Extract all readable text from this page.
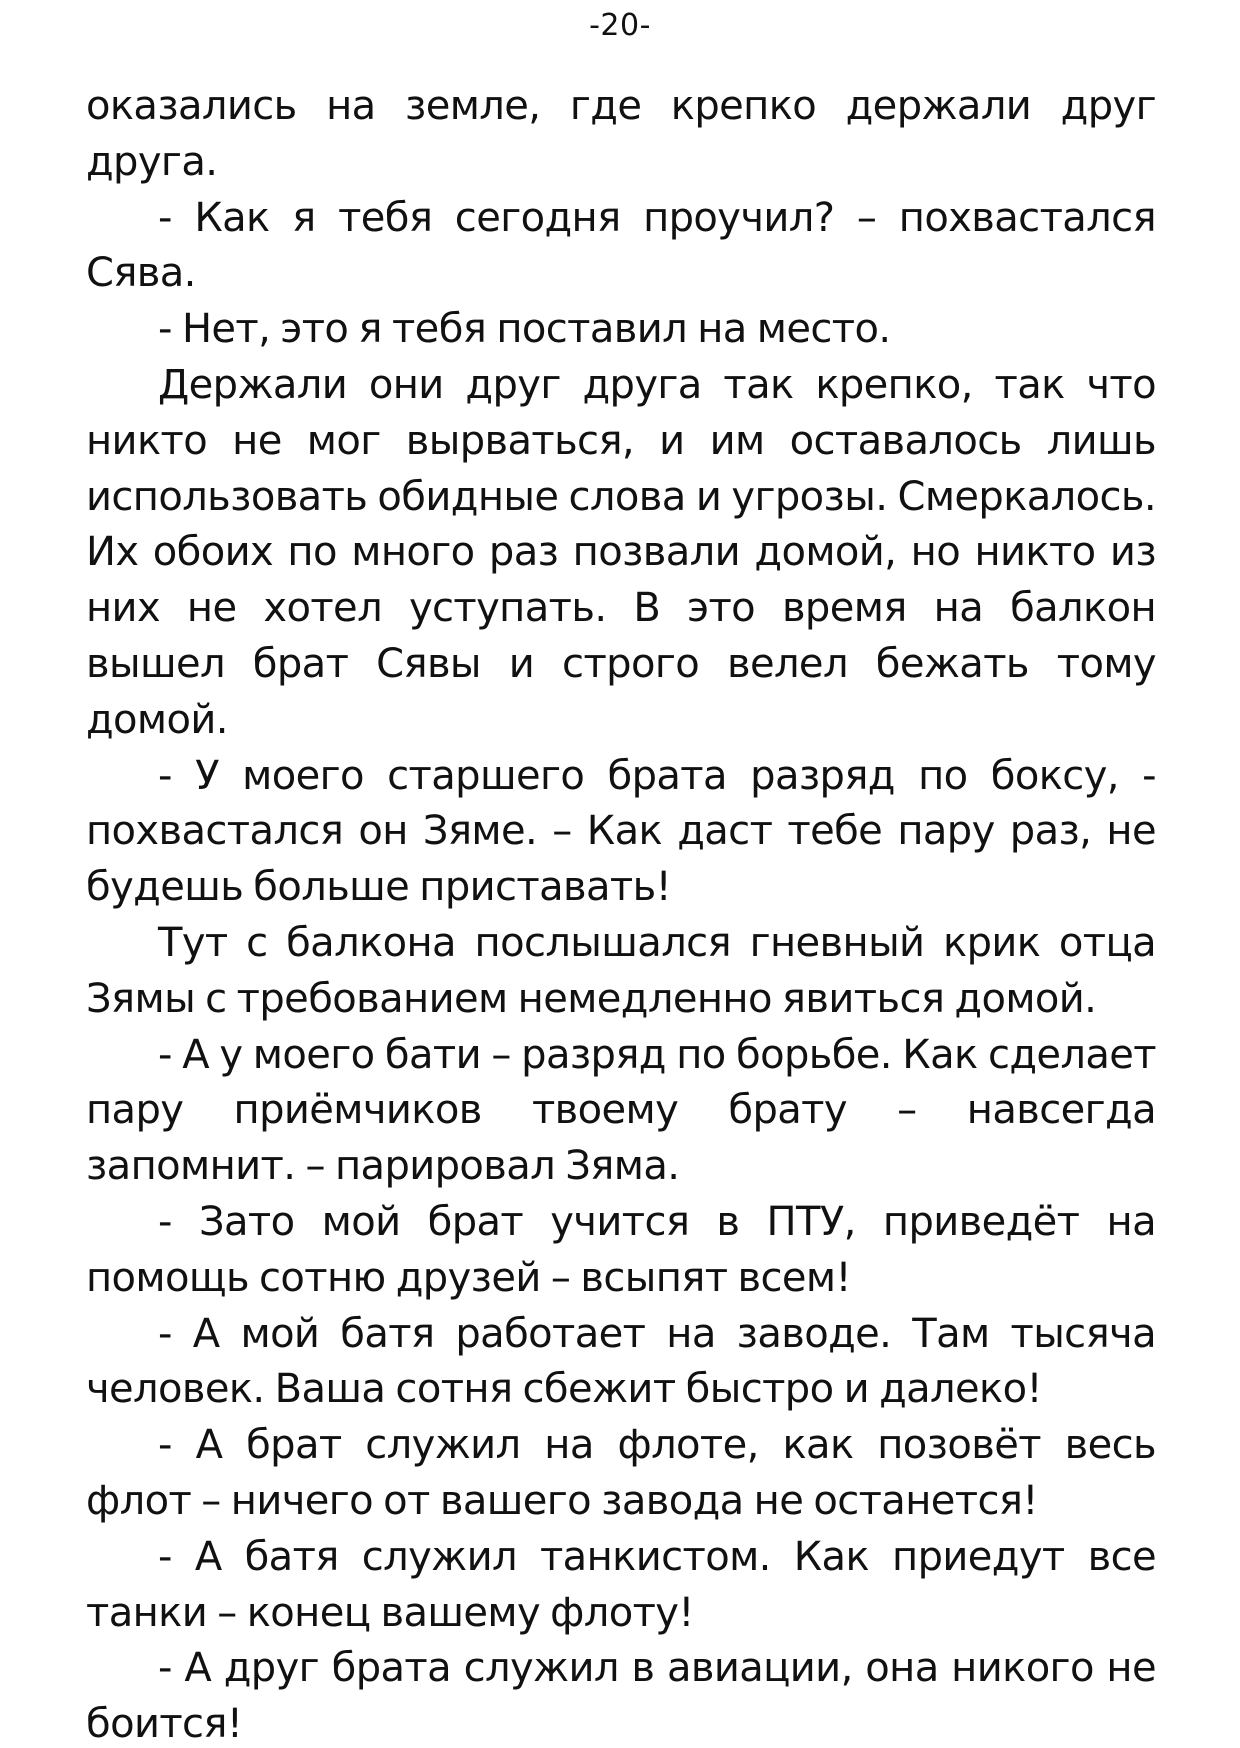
-20-

оказались на земле, где крепко держали друг друга.

- Как я тебя сегодня проучил? – похвастался Сява.

- Нет, это я тебя поставил на место.

Держали они друг друга так крепко, так что никто не мог вырваться, и им оставалось лишь использовать обидные слова и угрозы. Смеркалось. Их обоих по много раз позвали домой, но никто из них не хотел уступать. В это время на балкон вышел брат Сявы и строго велел бежать тому домой.

- У моего старшего брата разряд по боксу, - похвастался он Зяме. – Как даст тебе пару раз, не будешь больше приставать!

Тут с балкона послышался гневный крик отца Зямы с требованием немедленно явиться домой.

- А у моего бати – разряд по борьбе. Как сделает пару приёмчиков твоему брату – навсегда запомнит. – парировал Зяма.

- Зато мой брат учится в ПТУ, приведёт на помощь сотню друзей – всыпят всем!

- А мой батя работает на заводе. Там тысяча человек. Ваша сотня сбежит быстро и далеко!

- А брат служил на флоте, как позовёт весь флот – ничего от вашего завода не останется!

- А батя служил танкистом. Как приедут все танки – конец вашему флоту!

- А друг брата служил в авиации, она никого не боится!
